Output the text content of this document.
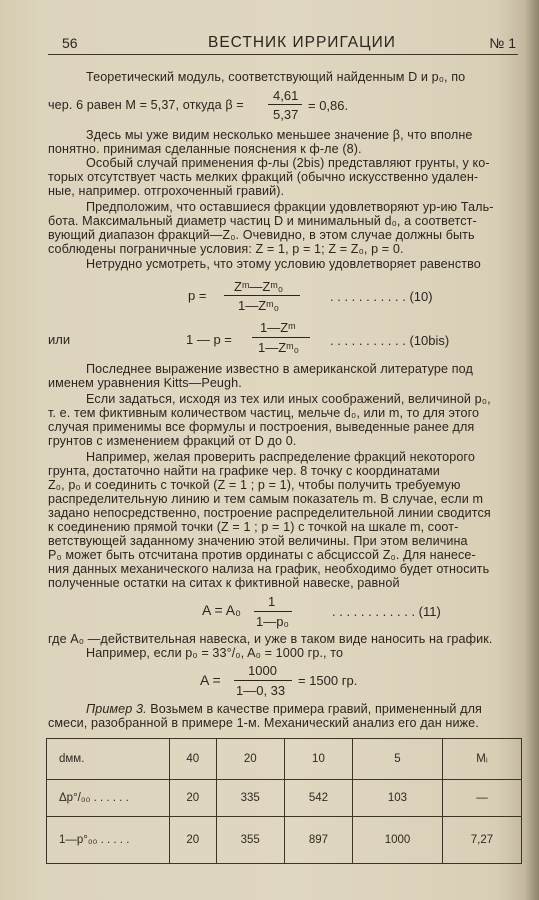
56	ВЕСТНИК ИРРИГАЦИИ	№ 1
Теоретический модуль, соответствующий найденным D и p₀, по
чер. 6 равен M = 5,37, откуда β =
4,61
5,37
= 0,86.
Здесь мы уже видим несколько меньшее значение β, что вполне
понятно. принимая сделанные пояснения к ф-ле (8).
Особый случай применения ф-лы (2bis) представляют грунты, у ко-
торых отсутствует часть мелких фракций (обычно искусственно удален-
ные, например. отгрохоченный гравий).
Предположим, что оставшиеся фракции удовлетворяют ур-ию Таль-
бота. Максимальный диаметр частиц D и минимальный d₀, а соответст-
вующий диапазон фракций—Z₀. Очевидно, в этом случае должны быть
соблюдены пограничные условия: Z = 1, p = 1; Z = Z₀, p = 0.
Нетрудно усмотреть, что этому условию удовлетворяет равенство
p =
Zᵐ—Zᵐ₀
1—Zᵐ₀
. . . . . . . . . . . (10)
или	1 — p =
1—Zᵐ
1—Zᵐ₀ . . . . . . . . . . . (10bis)
Последнее выражение известно в американской литературе под
именем уравнения Kitts—Peugh.
Если задаться, исходя из тех или иных соображений, величиной p₀,
т. е. тем фиктивным количеством частиц, мельче d₀, или m, то для этого
случая применимы все формулы и построения, выведенные ранее для
грунтов с изменением фракций от D до 0.
Например, желая проверить распределение фракций некоторого
грунта, достаточно найти на графике чер. 8 точку с координатами
Z₀, p₀ и соединить с точкой (Z = 1 ; p = 1), чтобы получить требуемую
распределительную линию и тем самым показатель m. В случае, если m
задано непосредственно, построение распределительной линии сводится
к соединению прямой точки (Z = 1 ; p = 1) с точкой на шкале m, соот-
ветствующей заданному значению этой величины. При этом величина
P₀ может быть отсчитана против ординаты с абсциссой Z₀. Для нанесе-
ния данных механическогo нализа на график, необходимо будет относить
полученные остатки на ситах к фиктивной навеске, равной
A = A₀
1
1—p₀
. . . . . . . . . . . . (11)
где A₀ —действительная навеска, и уже в таком виде наносить на график.
Например, если p₀ = 33°/₀, A₀ = 1000 гр., то
A =
1000
1—0, 33
= 1500 гр.
Пример 3. Возьмем в качестве примера гравий, примененный для
смеси, разобранной в примере 1-м. Механический анализ его дан ниже.
dмм.	40	20	10	5	Mᵢ
Δp°/₀₀ . . . . . .	20	335	542	103	—
1—p°₀₀ . . . . .	20	355	897	1000	7,27
